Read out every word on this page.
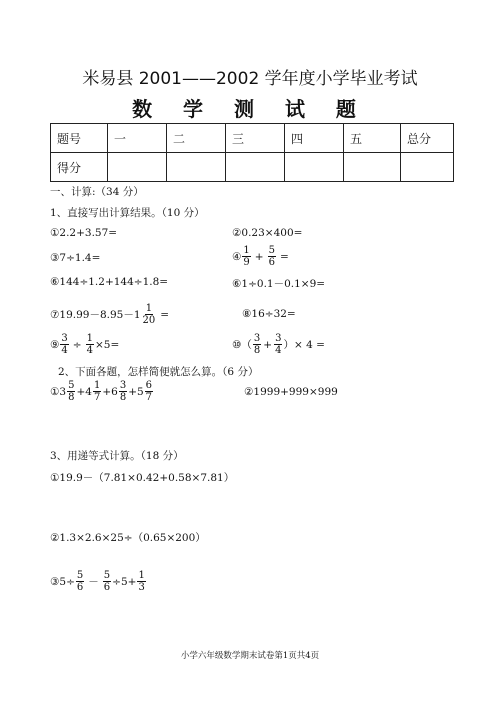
米易县 2001——2002 学年度小学毕业考试
数 学 测 试 题
题号	一	二	三	四	五	总分
得分						
一、计算:（34 分）
1、直接写出计算结果。（10 分）
①2.2+3.57=	②0.23×400=
③7÷1.4=	④ $\frac{1}{9} + \frac{5}{6}$ =
⑥144÷1.2+144÷1.8=	⑥1÷0.1－0.1×9=
⑦19.99－8.95－1 $\frac{1}{20}$ =	⑧16÷32=
⑨ $\frac{3}{4} \div \frac{1}{4} \times 5=$	⑩（ $\frac{3}{8} + \frac{3}{4}$ ）× 4 =
2、下面各题，怎样简便就怎么算。（6 分）
①3 $\frac{5}{8} +4 \frac{1}{7} +6 \frac{3}{8} +5 \frac{6}{7}$	②1999+999×999
3、用递等式计算。（18 分）
①19.9－（7.81×0.42+0.58×7.81）
②1.3×2.6×25÷（0.65×200）
③5÷ $\frac{5}{6} - \frac{5}{6} \div 5+ \frac{1}{3}$
小学六年级数学期末试卷第1页共4页
